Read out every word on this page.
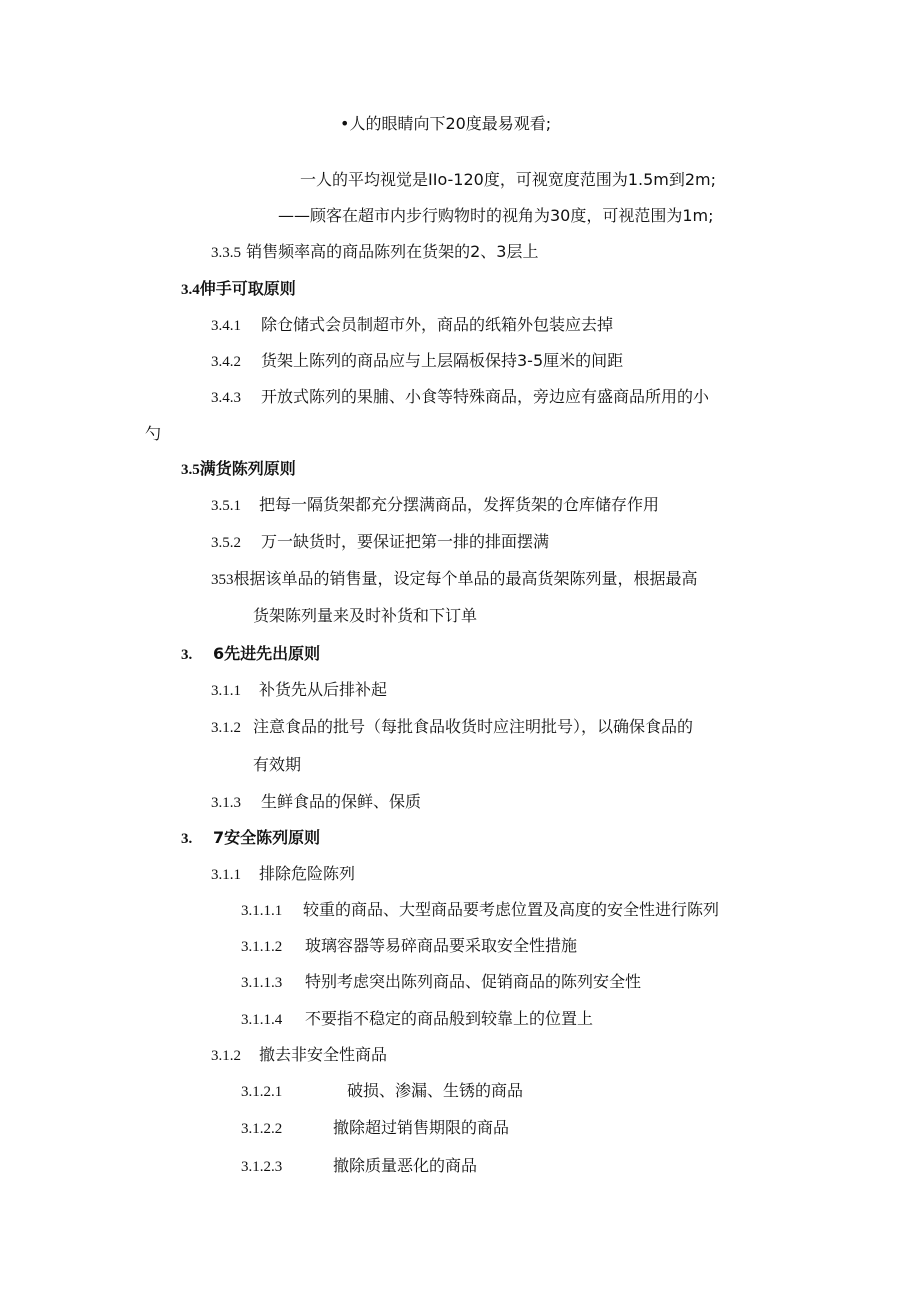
•人的眼睛向下20度最易观看;
一人的平均视觉是IIo-120度，可视宽度范围为1.5m到2m;
——顾客在超市内步行购物时的视角为30度，可视范围为1m;
3.3.5 销售频率高的商品陈列在货架的2、3层上
3.4伸手可取原则
3.4.1 除仓储式会员制超市外，商品的纸箱外包装应去掉
3.4.2 货架上陈列的商品应与上层隔板保持3-5厘米的间距
3.4.3 开放式陈列的果脯、小食等特殊商品，旁边应有盛商品所用的小
勺
3.5满货陈列原则
3.5.1 把每一隔货架都充分摆满商品，发挥货架的仓库储存作用
3.5.2 万一缺货时，要保证把第一排的排面摆满
353根据该单品的销售量，设定每个单品的最高货架陈列量，根据最高
货架陈列量来及时补货和下订单
3. 6先进先出原则
3.1.1 补货先从后排补起
3.1.2 注意食品的批号（每批食品收货时应注明批号），以确保食品的
有效期
3.1.3 生鲜食品的保鲜、保质
3. 7安全陈列原则
3.1.1 排除危险陈列
3.1.1.1 较重的商品、大型商品要考虑位置及高度的安全性进行陈列
3.1.1.2 玻璃容器等易碎商品要采取安全性措施
3.1.1.3 特别考虑突出陈列商品、促销商品的陈列安全性
3.1.1.4 不要指不稳定的商品般到较靠上的位置上
3.1.2 撤去非安全性商品
3.1.2.1	破损、渗漏、生锈的商品
3.1.2.2	撤除超过销售期限的商品
3.1.2.3	撤除质量恶化的商品
